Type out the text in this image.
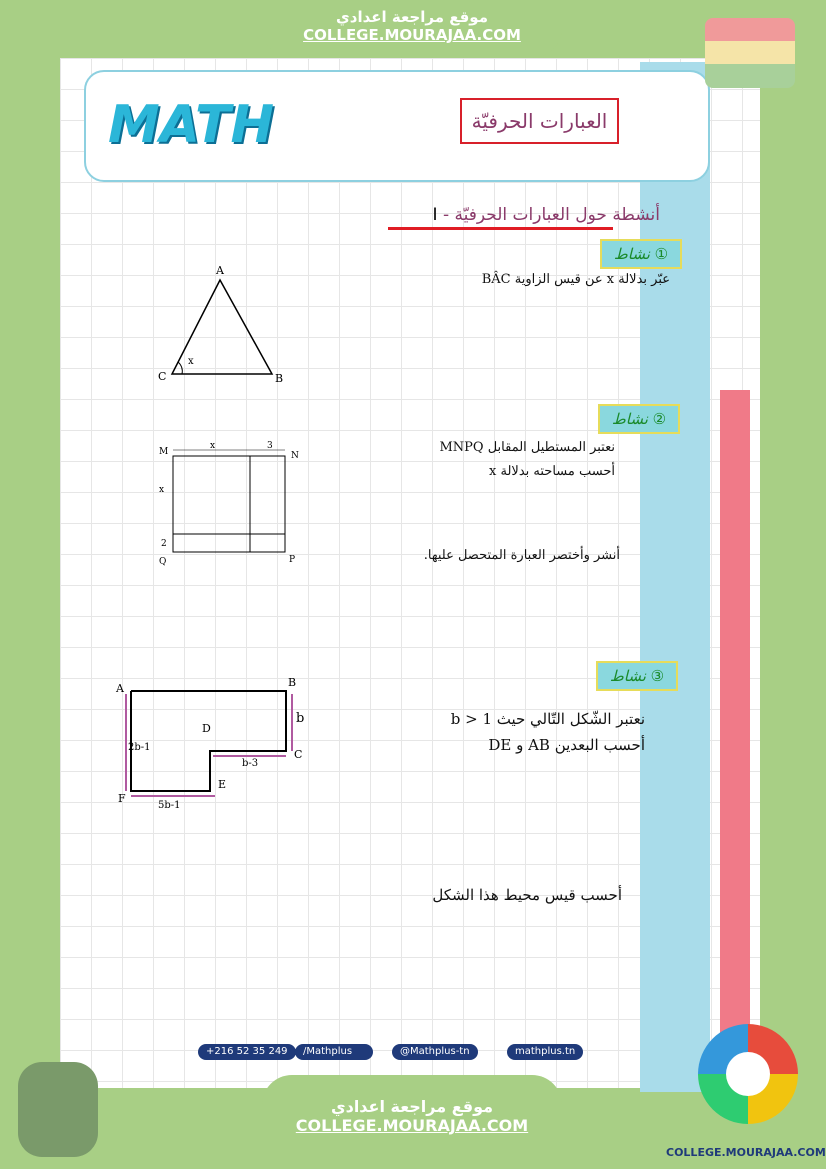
موقع مراجعة اعدادي
COLLEGE.MOURAJAA.COM
MATH	العبارات الحرفيّة
أنشطة حول العبارات الحرفيّة - I
نشاط ①
عبّر بدلالة x عن قيس الزاوية BÂC
A
C	B
x
نشاط ②
نعتبر المستطيل المقابل MNPQ
أحسب مساحته بدلالة x
أنشر وأختصر العبارة المتحصل عليها.
M	N
P
Q
x	3
x
2
نشاط ③
نعتبر الشّكل التّالي حيث b > 1
أحسب البعدين AB و DE
أحسب قيس محيط هذا الشكل
A	B
C
D
E
F
b
2b-1
b-3
5b-1
+216 52 35 249	/Mathplus	@Mathplus-tn	mathplus.tn
موقع مراجعة اعدادي
COLLEGE.MOURAJAA.COM
COLLEGE.MOURAJAA.COM
